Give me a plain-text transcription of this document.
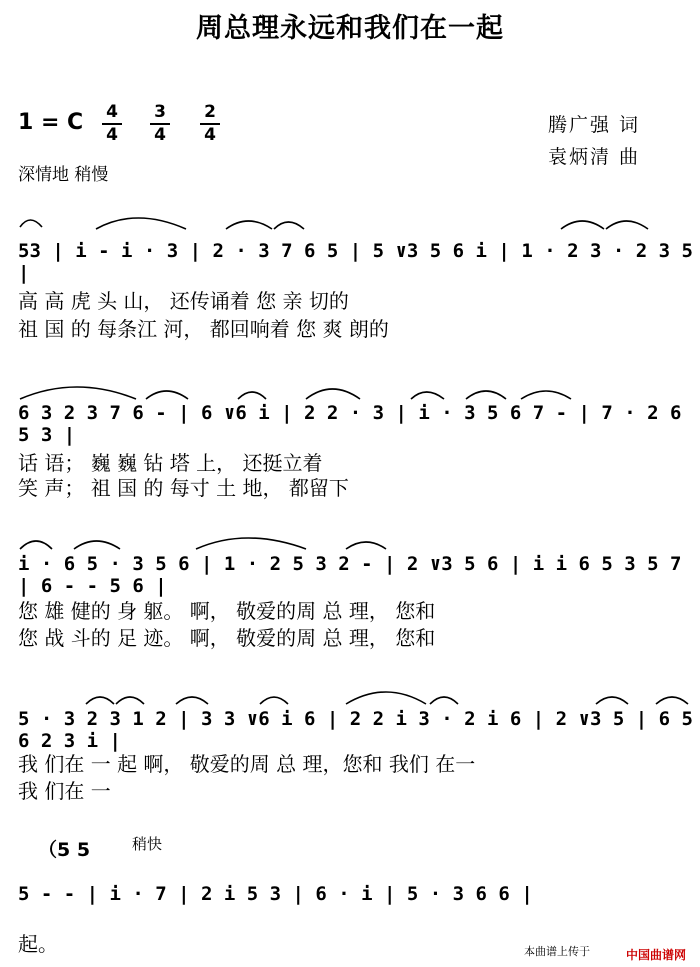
周总理永远和我们在一起
1 = C	4
4
3
4
2
4
深情地 稍慢
腾广强 词
袁炳清 曲
53 | i - i · 3 | 2 · 3 7 6 5 | 5 ∨3 5 6 i | 1 · 2 3 · 2 3 5 |
高 高 虎 头 山， 还传诵着 您 亲 切的
祖 国 的 每条江 河， 都回响着 您 爽 朗的
6 3 2 3 7 6 - | 6 ∨6 i | 2 2 · 3 | i · 3 5 6 7 - | 7 · 2 6 5 3 |
话 语； 巍 巍 钻 塔 上， 还挺立着
笑 声； 祖 国 的 每寸 土 地， 都留下
i · 6 5 · 3 5 6 | 1 · 2 5 3 2 - | 2 ∨3 5 6 | i i 6 5 3 5 7 | 6 - - 5 6 |
您 雄 健的 身 躯。 啊， 敬爱的周 总 理， 您和
您 战 斗的 足 迹。 啊， 敬爱的周 总 理， 您和
5 · 3 2 3 1 2 | 3 3 ∨6 i 6 | 2 2 i 3 · 2 i 6 | 2 ∨3 5 | 6 5 6 2 3 i |
我 们在 一 起 啊， 敬爱的周 总 理，您和 我们 在一
我 们在 一
（5 5	稍快
5 - - | i · 7 | 2 i 5 3 | 6 · i | 5 · 3 6 6 |
起。	本曲谱上传于	中国曲谱网
